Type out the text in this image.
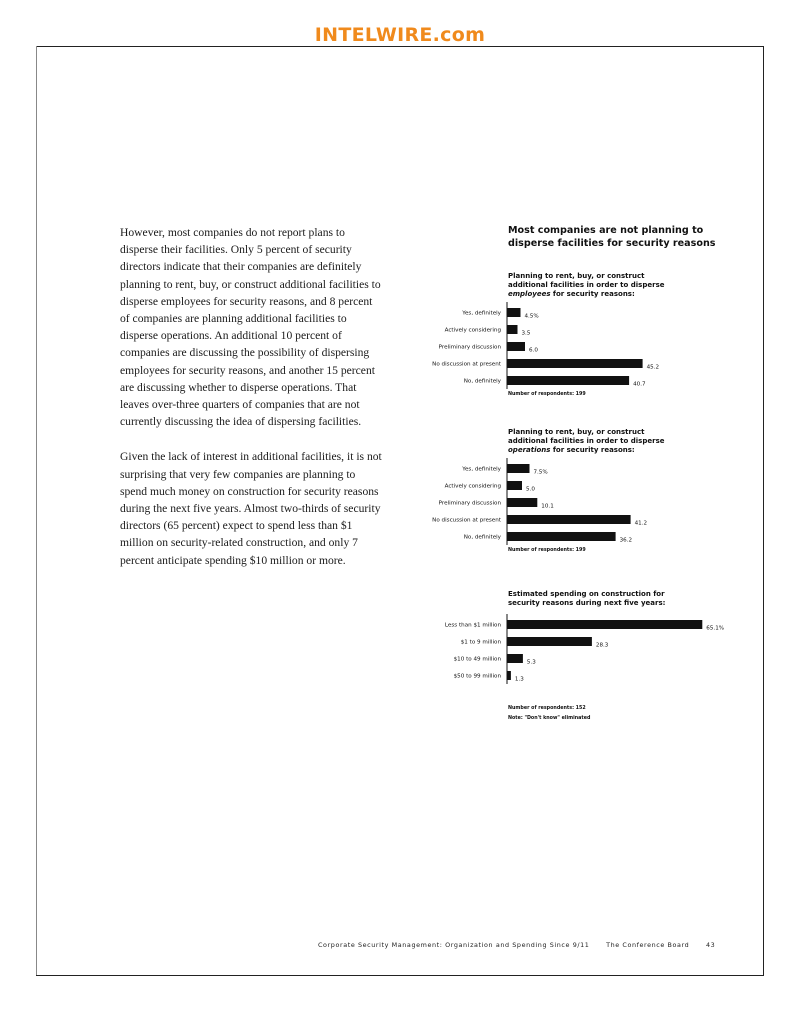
INTELWIRE.com

However, most companies do not report plans to disperse their facilities. Only 5 percent of security directors indicate that their companies are definitely planning to rent, buy, or construct additional facilities to disperse employees for security reasons, and 8 percent of companies are planning additional facilities to disperse operations. An additional 10 percent of companies are discussing the possibility of dispersing employees for security reasons, and another 15 percent are discussing whether to disperse operations. That leaves over-three quarters of companies that are not currently discussing the idea of dispersing facilities.

Given the lack of interest in additional facilities, it is not surprising that very few companies are planning to spend much money on construction for security reasons during the next five years. Almost two-thirds of security directors (65 percent) expect to spend less than $1 million on security-related construction, and only 7 percent anticipate spending $10 million or more.

Most companies are not planning to
disperse facilities for security reasons
Planning to rent, buy, or construct
additional facilities in order to disperse
employees for security reasons:
Yes, definitely	4.5%
Actively considering	3.5
Preliminary discussion	6.0
No discussion at present	45.2
No, definitely	40.7
Number of respondents: 199
Planning to rent, buy, or construct
additional facilities in order to disperse
operations for security reasons:
Yes, definitely	7.5%
Actively considering	5.0
Preliminary discussion	10.1
No discussion at present	41.2
No, definitely	36.2
Number of respondents: 199
Estimated spending on construction for
security reasons during next five years:
Less than $1 million	65.1%
$1 to 9 million	28.3
$10 to 49 million	5.3
$50 to 99 million 1.3
Number of respondents: 152
Note: "Don't know" eliminated
Corporate Security Management: Organization and Spending Since 9/11	The Conference Board	43
